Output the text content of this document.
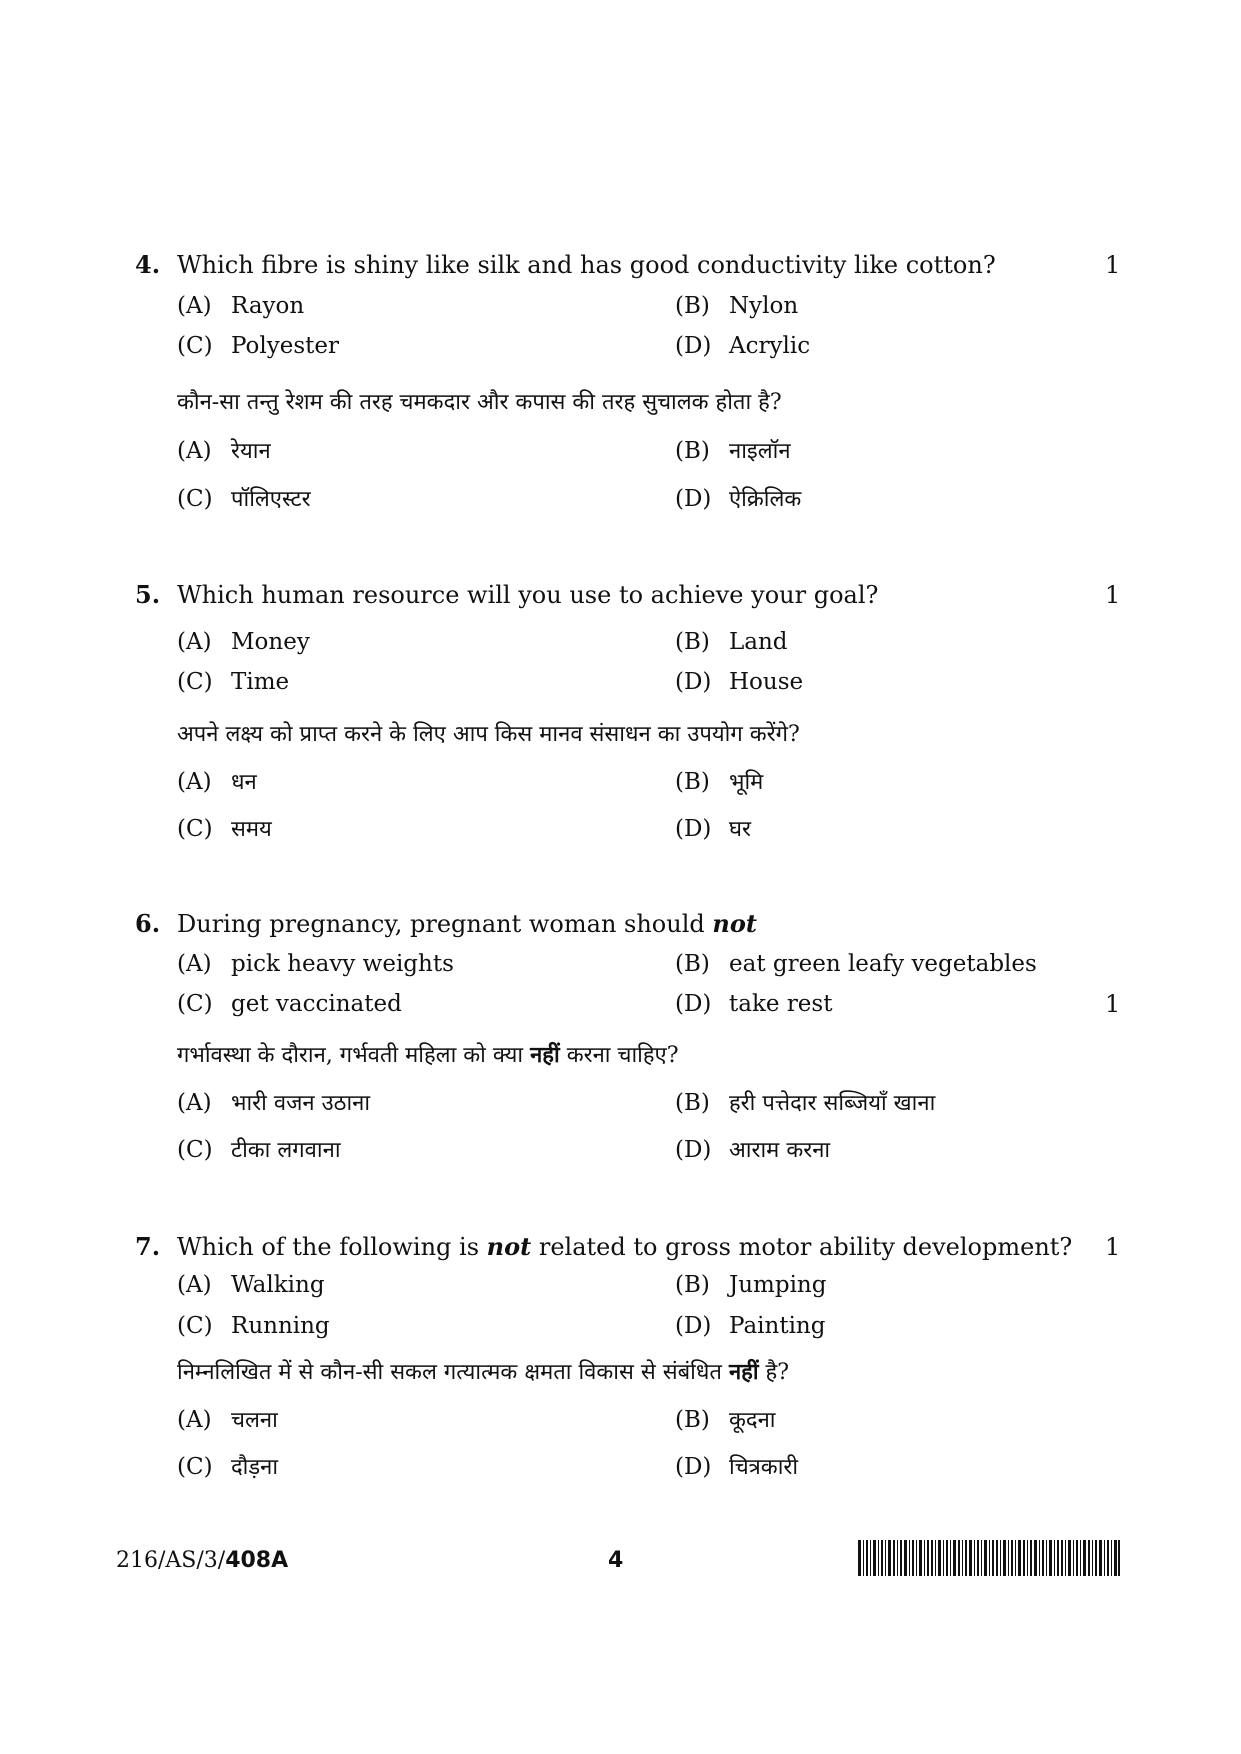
4. Which fibre is shiny like silk and has good conductivity like cotton?	1
(A) Rayon	(B) Nylon
(C) Polyester	(D) Acrylic
कौन-सा तन्तु रेशम की तरह चमकदार और कपास की तरह सुचालक होता है?
(A) रेयान	(B) नाइलॉन
(C) पॉलिएस्टर	(D) ऐक्रिलिक
5. Which human resource will you use to achieve your goal?	1
(A) Money	(B) Land
(C) Time	(D) House
अपने लक्ष्य को प्राप्त करने के लिए आप किस मानव संसाधन का उपयोग करेंगे?
(A) धन	(B) भूमि
(C) समय	(D) घर
6. During pregnancy, pregnant woman should not
(A) pick heavy weights	(B) eat green leafy vegetables
(C) get vaccinated	(D) take rest	1
गर्भावस्था के दौरान, गर्भवती महिला को क्या नहीं करना चाहिए?
(A) भारी वजन उठाना	(B) हरी पत्तेदार सब्जियाँ खाना
(C) टीका लगवाना	(D) आराम करना
7. Which of the following is not related to gross motor ability development?	1
(A) Walking	(B) Jumping
(C) Running	(D) Painting
निम्नलिखित में से कौन-सी सकल गत्यात्मक क्षमता विकास से संबंधित नहीं है?
(A) चलना	(B) कूदना
(C) दौड़ना	(D) चित्रकारी
216/AS/3/408A	4
